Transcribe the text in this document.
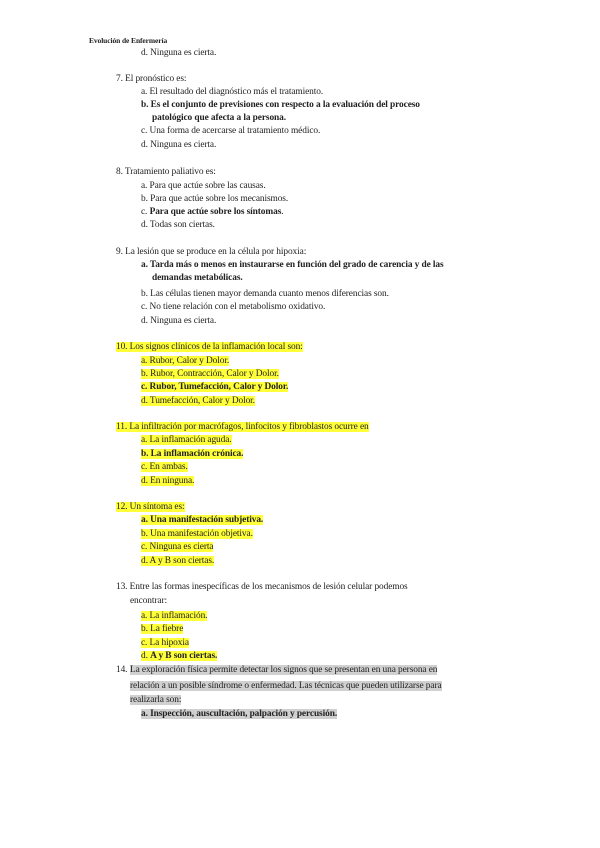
Evolución de Enfermería
d. Ninguna es cierta.
7. El pronóstico es:
a. El resultado del diagnóstico más el tratamiento.
b. Es el conjunto de previsiones con respecto a la evaluación del proceso
patológico que afecta a la persona.
c. Una forma de acercarse al tratamiento médico.
d. Ninguna es cierta.
8. Tratamiento paliativo es:
a. Para que actúe sobre las causas.
b. Para que actúe sobre los mecanismos.
c. Para que actúe sobre los síntomas.
d. Todas son ciertas.
9. La lesión que se produce en la célula por hipoxia:
a. Tarda más o menos en instaurarse en función del grado de carencia y de las
demandas metabólicas.
b. Las células tienen mayor demanda cuanto menos diferencias son.
c. No tiene relación con el metabolismo oxidativo.
d. Ninguna es cierta.
10. Los signos clínicos de la inflamación local son:
a. Rubor, Calor y Dolor.
b. Rubor, Contracción, Calor y Dolor.
c. Rubor, Tumefacción, Calor y Dolor.
d. Tumefacción, Calor y Dolor.
11. La infiltración por macrófagos, linfocitos y fibroblastos ocurre en
a. La inflamación aguda.
b. La inflamación crónica.
c. En ambas.
d. En ninguna.
12. Un síntoma es:
a. Una manifestación subjetiva.
b. Una manifestación objetiva.
c. Ninguna es cierta
d. A y B son ciertas.
13. Entre las formas inespecíficas de los mecanismos de lesión celular podemos
encontrar:
a. La inflamación.
b. La fiebre
c. La hipoxia
d. A y B son ciertas.
14. La exploración física permite detectar los signos que se presentan en una persona en
relación a un posible síndrome o enfermedad. Las técnicas que pueden utilizarse para
realizarla son:
a. Inspección, auscultación, palpación y percusión.
